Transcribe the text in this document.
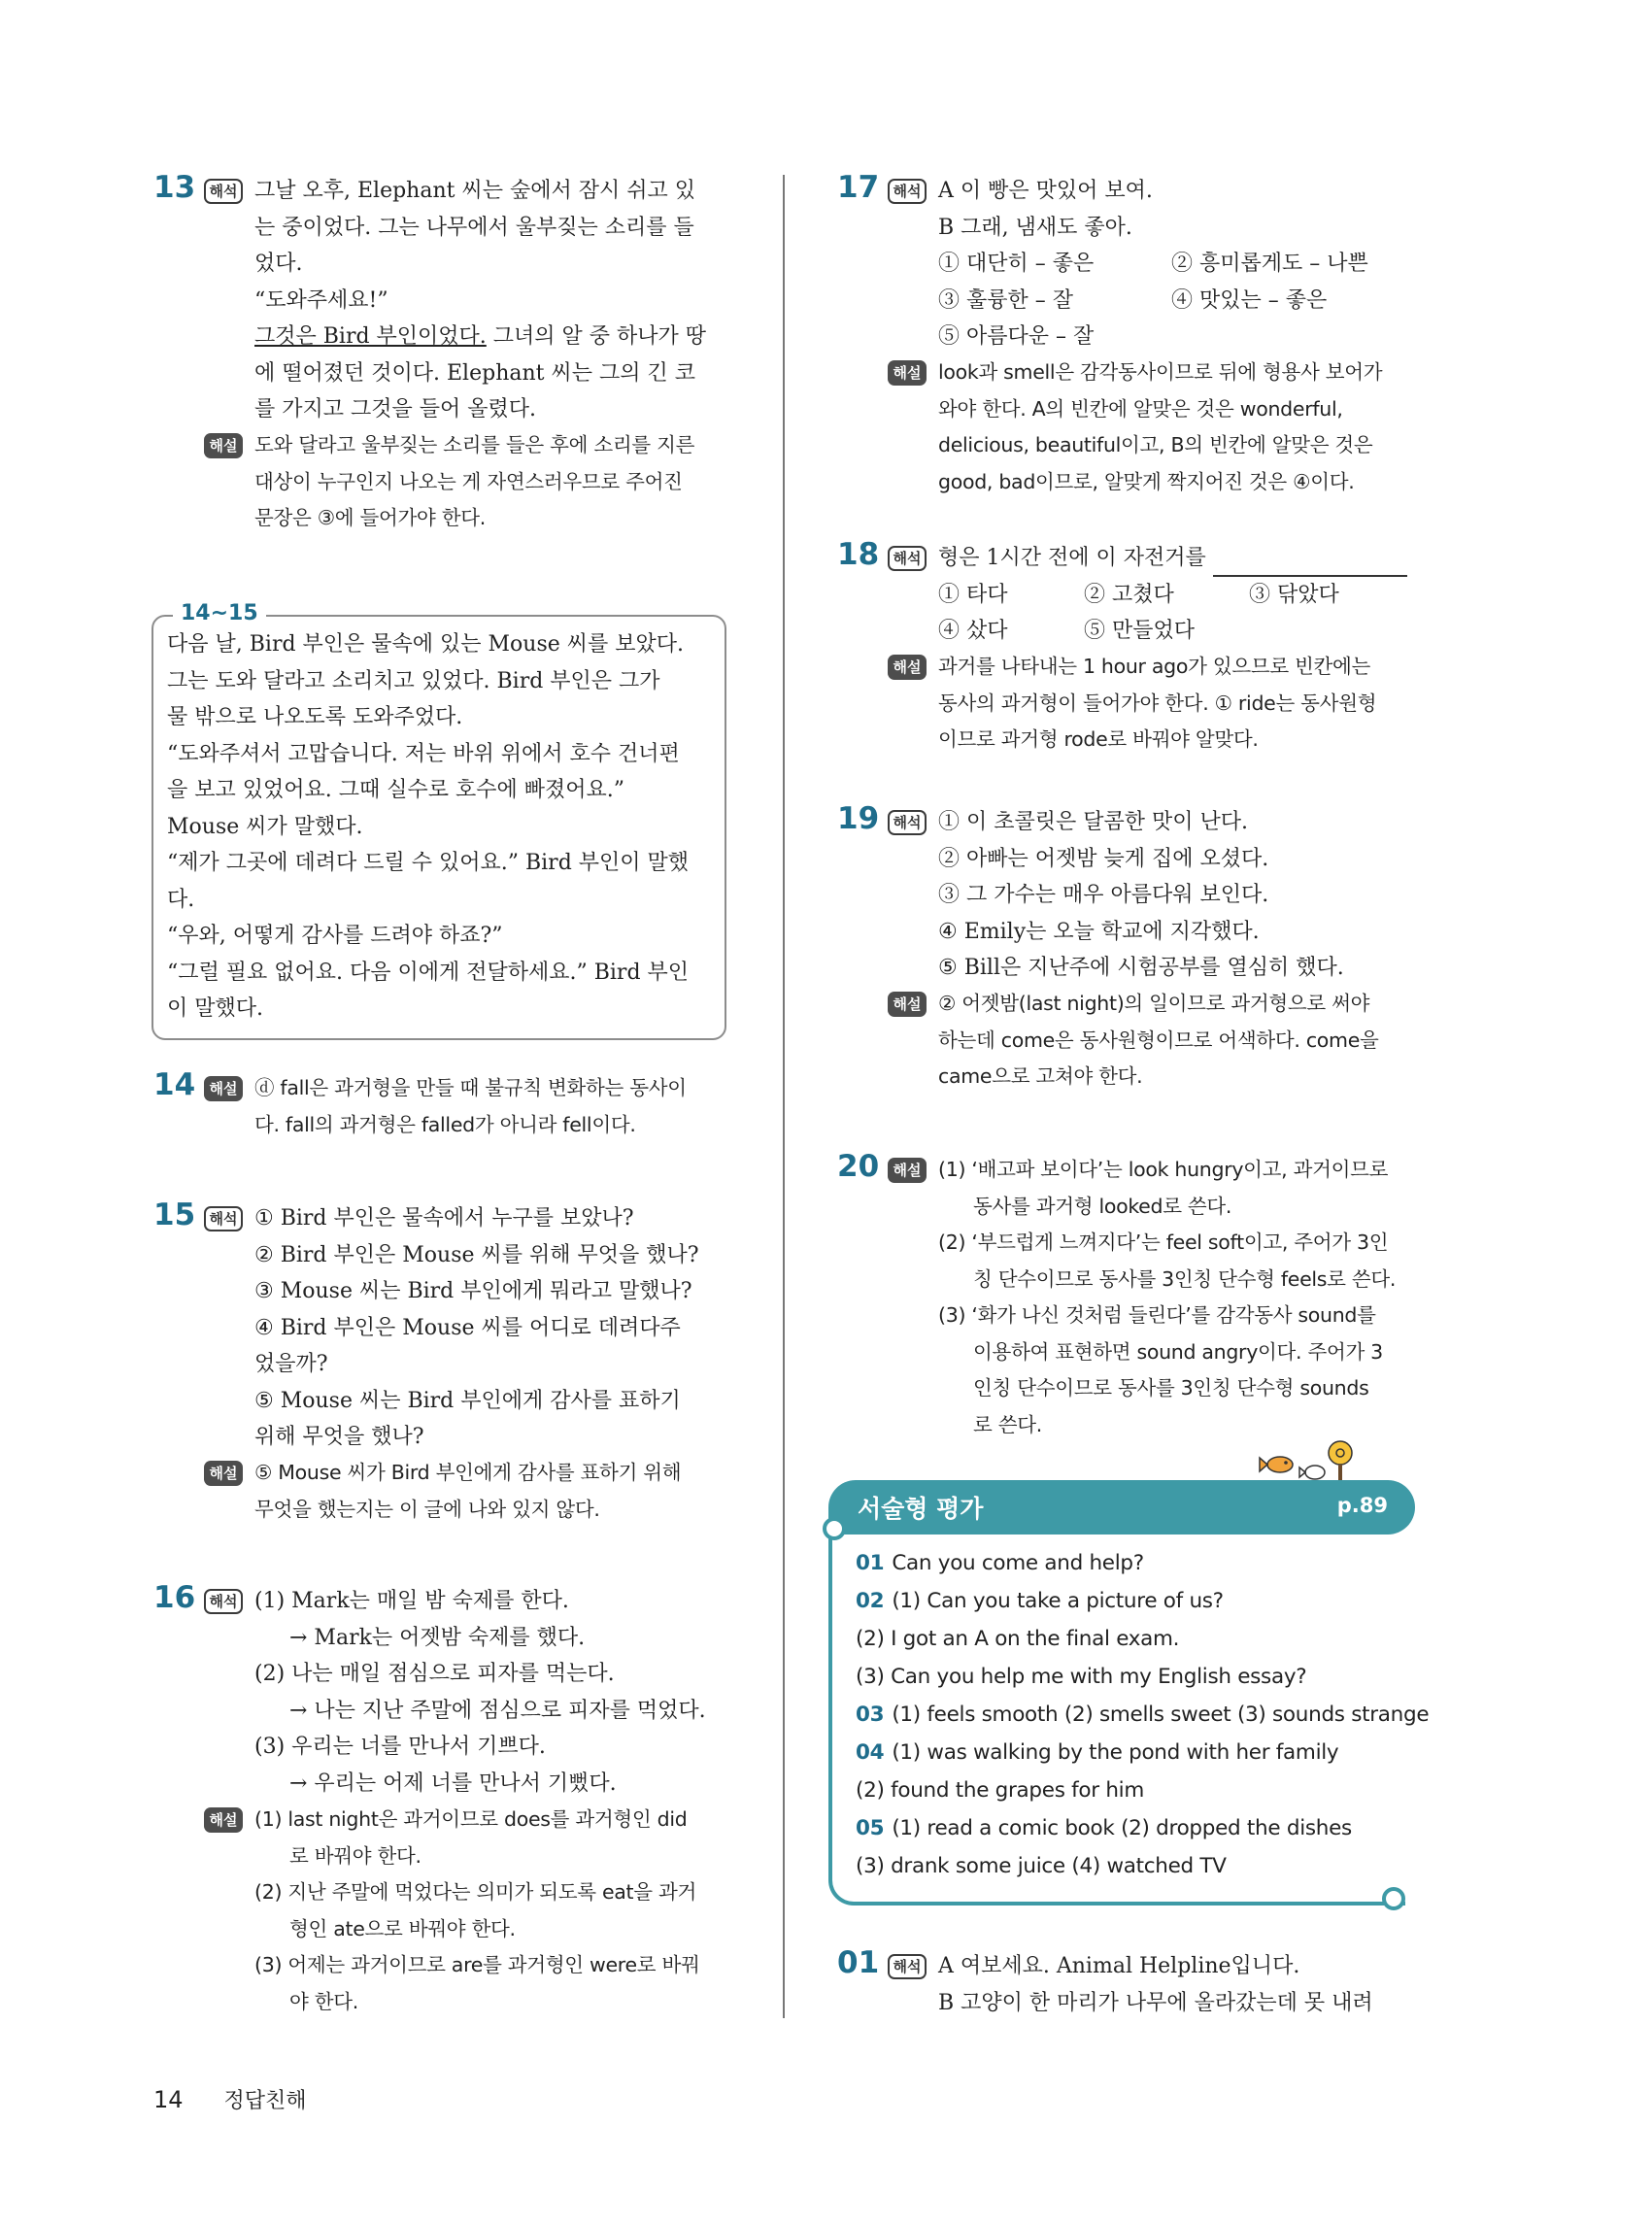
13 해석 그날 오후, Elephant 씨는 숲에서 잠시 쉬고 있
는 중이었다. 그는 나무에서 울부짖는 소리를 들
었다.
“도와주세요!”
그것은 Bird 부인이었다. 그녀의 알 중 하나가 땅
에 떨어졌던 것이다. Elephant 씨는 그의 긴 코
를 가지고 그것을 들어 올렸다.
해설 도와 달라고 울부짖는 소리를 들은 후에 소리를 지른
대상이 누구인지 나오는 게 자연스러우므로 주어진
문장은 ③에 들어가야 한다.
14 해설 ⓓ fall은 과거형을 만들 때 불규칙 변화하는 동사이
다. fall의 과거형은 falled가 아니라 fell이다.
15 해석 ① Bird 부인은 물속에서 누구를 보았나?
② Bird 부인은 Mouse 씨를 위해 무엇을 했나?
③ Mouse 씨는 Bird 부인에게 뭐라고 말했나?
④ Bird 부인은 Mouse 씨를 어디로 데려다주
었을까?
⑤ Mouse 씨는 Bird 부인에게 감사를 표하기
위해 무엇을 했나?
해설 ⑤ Mouse 씨가 Bird 부인에게 감사를 표하기 위해
무엇을 했는지는 이 글에 나와 있지 않다.
16 해석 (1) Mark는 매일 밤 숙제를 한다.
→ Mark는 어젯밤 숙제를 했다.
(2) 나는 매일 점심으로 피자를 먹는다.
→ 나는 지난 주말에 점심으로 피자를 먹었다.
(3) 우리는 너를 만나서 기쁘다.
→ 우리는 어제 너를 만나서 기뻤다.
해설 (1) last night은 과거이므로 does를 과거형인 did
로 바꿔야 한다.
(2) 지난 주말에 먹었다는 의미가 되도록 eat을 과거
형인 ate으로 바꿔야 한다.
(3) 어제는 과거이므로 are를 과거형인 were로 바꿔
야 한다.
14~15
다음 날, Bird 부인은 물속에 있는 Mouse 씨를 보았다.
그는 도와 달라고 소리치고 있었다. Bird 부인은 그가
물 밖으로 나오도록 도와주었다.
“도와주셔서 고맙습니다. 저는 바위 위에서 호수 건너편
을 보고 있었어요. 그때 실수로 호수에 빠졌어요.”
Mouse 씨가 말했다.
“제가 그곳에 데려다 드릴 수 있어요.” Bird 부인이 말했
다.
“우와, 어떻게 감사를 드려야 하죠?”
“그럴 필요 없어요. 다음 이에게 전달하세요.” Bird 부인
이 말했다.
17 해석 A 이 빵은 맛있어 보여.
B 그래, 냄새도 좋아.
① 대단히 – 좋은	② 흥미롭게도 – 나쁜
③ 훌륭한 – 잘	④ 맛있는 – 좋은
⑤ 아름다운 – 잘
해설 look과 smell은 감각동사이므로 뒤에 형용사 보어가
와야 한다. A의 빈칸에 알맞은 것은 wonderful,
delicious, beautiful이고, B의 빈칸에 알맞은 것은
good, bad이므로, 알맞게 짝지어진 것은 ④이다.
18 해석 형은 1시간 전에 이 자전거를
① 타다	② 고쳤다	③ 닦았다
④ 샀다	⑤ 만들었다
해설 과거를 나타내는 1 hour ago가 있으므로 빈칸에는
동사의 과거형이 들어가야 한다. ① ride는 동사원형
이므로 과거형 rode로 바꿔야 알맞다.
19 해석 ① 이 초콜릿은 달콤한 맛이 난다.
② 아빠는 어젯밤 늦게 집에 오셨다.
③ 그 가수는 매우 아름다워 보인다.
④ Emily는 오늘 학교에 지각했다.
⑤ Bill은 지난주에 시험공부를 열심히 했다.
해설 ② 어젯밤(last night)의 일이므로 과거형으로 써야
하는데 come은 동사원형이므로 어색하다. come을
came으로 고쳐야 한다.
20 해설 (1) ‘배고파 보이다’는 look hungry이고, 과거이므로
동사를 과거형 looked로 쓴다.
(2) ‘부드럽게 느껴지다’는 feel soft이고, 주어가 3인
칭 단수이므로 동사를 3인칭 단수형 feels로 쓴다.
(3) ‘화가 나신 것처럼 들린다’를 감각동사 sound를
이용하여 표현하면 sound angry이다. 주어가 3
인칭 단수이므로 동사를 3인칭 단수형 sounds
로 쓴다.
01 해석 A 여보세요. Animal Helpline입니다.
B 고양이 한 마리가 나무에 올라갔는데 못 내려
서술형 평가	p.89
01 Can you come and help?
02 (1) Can you take a picture of us?
(2) I got an A on the final exam.
(3) Can you help me with my English essay?
03 (1) feels smooth (2) smells sweet (3) sounds strange
04 (1) was walking by the pond with her family
(2) found the grapes for him
05 (1) read a comic book (2) dropped the dishes
(3) drank some juice (4) watched TV
14 정답친해
